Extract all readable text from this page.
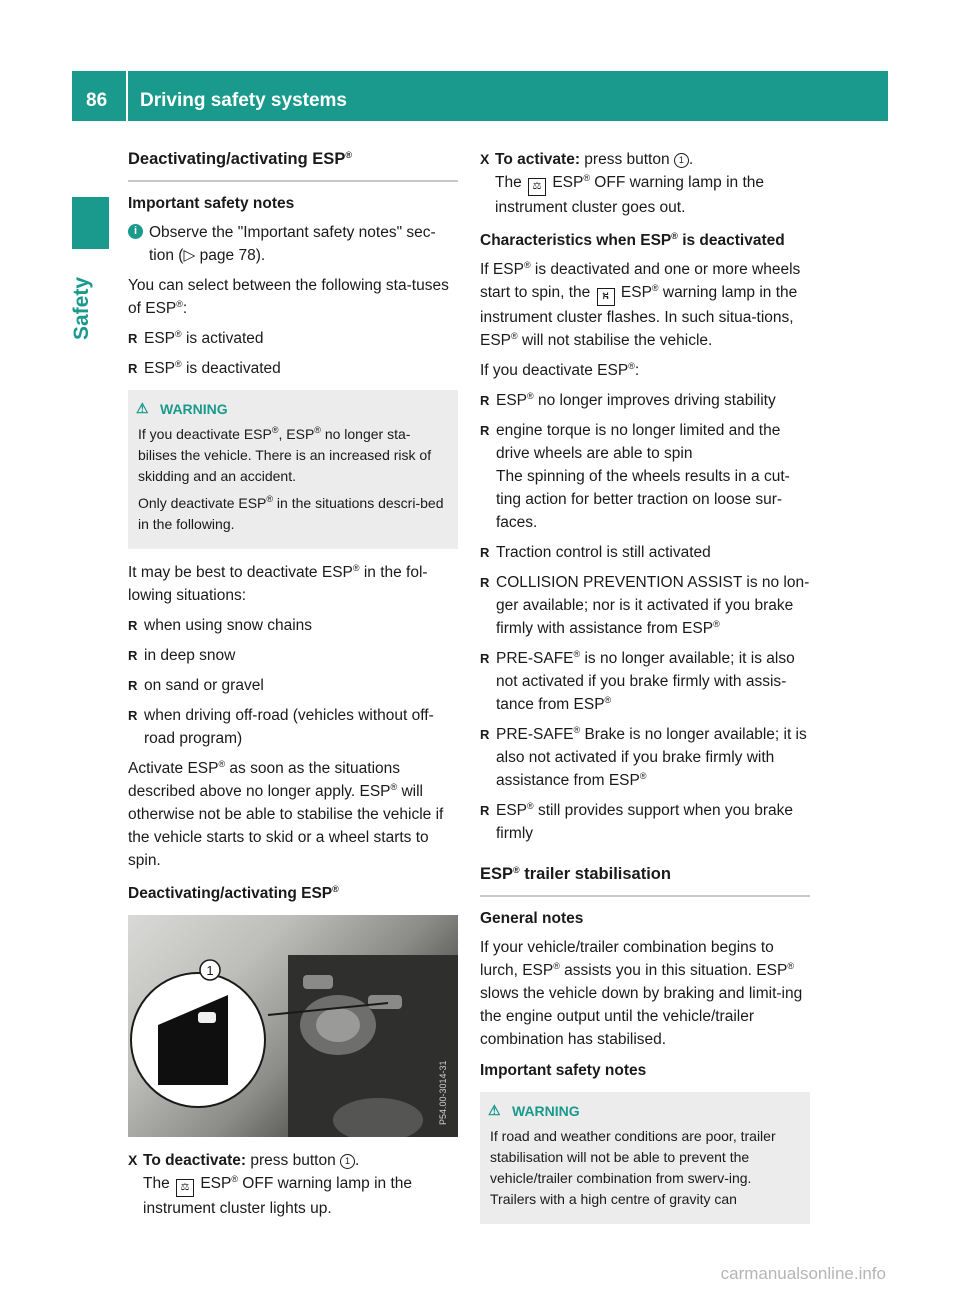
86 Driving safety systems
Safety
Deactivating/activating ESP®
Important safety notes

i Observe the "Important safety notes" sec-tion (▷ page 78).

You can select between the following sta-tuses of ESP®:

R ESP® is activated

R ESP® is deactivated

⚠ WARNING

If you deactivate ESP®, ESP® no longer sta-bilises the vehicle. There is an increased risk of skidding and an accident.

Only deactivate ESP® in the situations descri-bed in the following.

It may be best to deactivate ESP® in the fol-lowing situations:

R when using snow chains

R in deep snow

R on sand or gravel

R when driving off-road (vehicles without off-road program)

Activate ESP® as soon as the situations described above no longer apply. ESP® will otherwise not be able to stabilise the vehicle if the vehicle starts to skid or a wheel starts to spin.

Deactivating/activating ESP®
1
P54.00-3014-31

X To deactivate: press button 1 .
The ⚖ ESP® OFF warning lamp in the instrument cluster lights up.

X To activate: press button 1 .
The ⚖ ESP® OFF warning lamp in the instrument cluster goes out.

Characteristics when ESP® is deactivated

If ESP® is deactivated and one or more wheels start to spin, the ⛕ ESP® warning lamp in the instrument cluster flashes. In such situa-tions, ESP® will not stabilise the vehicle.

If you deactivate ESP®:

R ESP® no longer improves driving stability

R engine torque is no longer limited and the drive wheels are able to spin
The spinning of the wheels results in a cut-ting action for better traction on loose sur-faces.

R Traction control is still activated

R COLLISION PREVENTION ASSIST is no lon-ger available; nor is it activated if you brake firmly with assistance from ESP®

R PRE-SAFE® is no longer available; it is also not activated if you brake firmly with assis-tance from ESP®

R PRE-SAFE® Brake is no longer available; it is also not activated if you brake firmly with assistance from ESP®

R ESP® still provides support when you brake firmly

ESP® trailer stabilisation
General notes

If your vehicle/trailer combination begins to lurch, ESP® assists you in this situation. ESP® slows the vehicle down by braking and limit-ing the engine output until the vehicle/trailer combination has stabilised.

Important safety notes
⚠ WARNING

If road and weather conditions are poor, trailer stabilisation will not be able to prevent the vehicle/trailer combination from swerv-ing. Trailers with a high centre of gravity can

carmanualsonline.info
